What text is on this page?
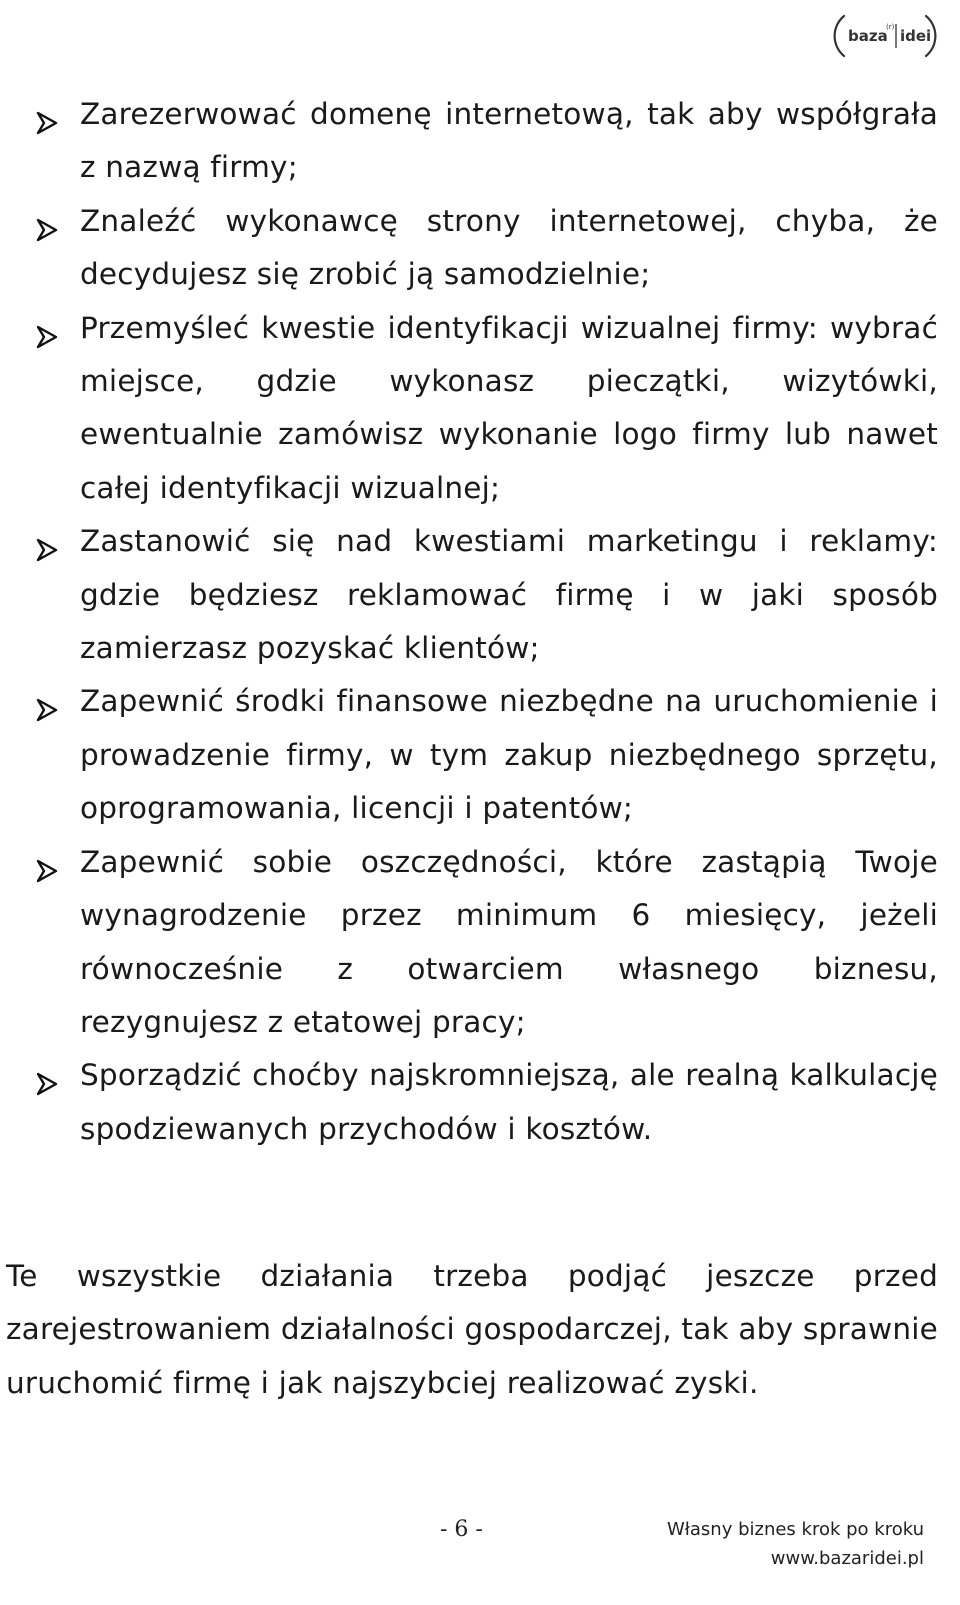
baza
(r) idei
Zarezerwować domenę internetową, tak aby współgrała z nazwą firmy;
Znaleźć wykonawcę strony internetowej, chyba, że decydujesz się zrobić ją samodzielnie;
Przemyśleć kwestie identyfikacji wizualnej firmy: wybrać miejsce, gdzie wykonasz pieczątki, wizytówki, ewentualnie zamówisz wykonanie logo firmy lub nawet całej identyfikacji wizualnej;
Zastanowić się nad kwestiami marketingu i reklamy: gdzie będziesz reklamować firmę i w jaki sposób zamierzasz pozyskać klientów;
Zapewnić środki finansowe niezbędne na uruchomienie i prowadzenie firmy, w tym zakup niezbędnego sprzętu, oprogramowania, licencji i patentów;
Zapewnić sobie oszczędności, które zastąpią Twoje wynagrodzenie przez minimum 6 miesięcy, jeżeli równocześnie z otwarciem własnego biznesu, rezygnujesz z etatowej pracy;
Sporządzić choćby najskromniejszą, ale realną kalkulację spodziewanych przychodów i kosztów.

Te wszystkie działania trzeba podjąć jeszcze przed zarejestrowaniem działalności gospodarczej, tak aby sprawnie uruchomić firmę i jak najszybciej realizować zyski.

- 6 -	Własny biznes krok po kroku
www.bazaridei.pl
